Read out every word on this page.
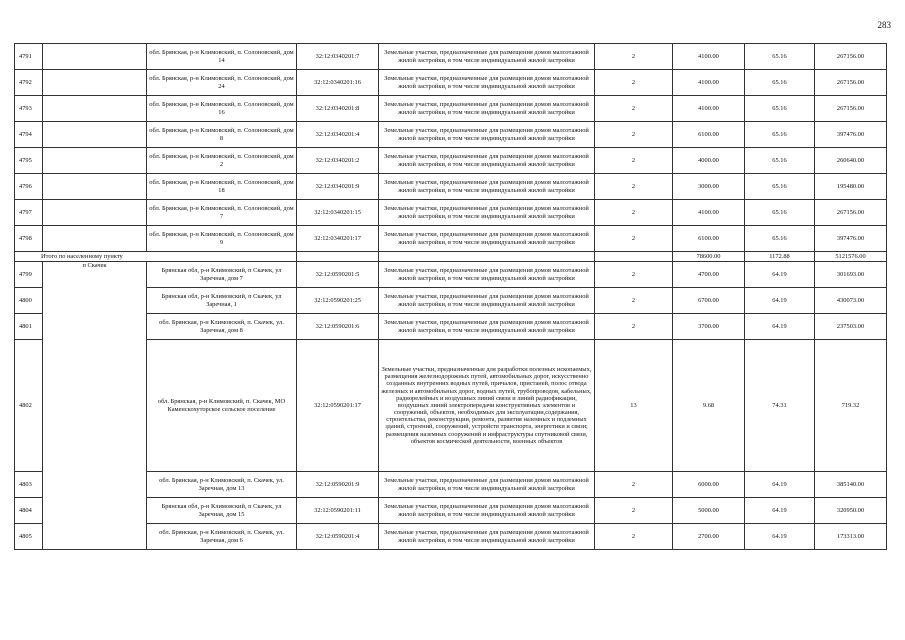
283
4791		обл. Брянская, р-н Климовский, п. Солоновский, дом 14	32:12:0340201:7	Земельные участки, предназначенные для размещения домов малоэтажной жилой застройки, в том числе индивидуальной жилой застройки	2	4100.00	65.16	267156.00
4792		обл. Брянская, р-н Климовский, п. Солоновский, дом 24	32:12:0340201:16	Земельные участки, предназначенные для размещения домов малоэтажной жилой застройки, в том числе индивидуальной жилой застройки	2	4100.00	65.16	267156.00
4793		обл. Брянская, р-н Климовский, п. Солоновский, дом 16	32:12:0340201:8	Земельные участки, предназначенные для размещения домов малоэтажной жилой застройки, в том числе индивидуальной жилой застройки	2	4100.00	65.16	267156.00
4794		обл. Брянская, р-н Климовский, п. Солоновский, дом 8	32:12:0340201:4	Земельные участки, предназначенные для размещения домов малоэтажной жилой застройки, в том числе индивидуальной жилой застройки	2	6100.00	65.16	397476.00
4795		обл. Брянская, р-н Климовский, п. Солоновский, дом 2	32:12:0340201:2	Земельные участки, предназначенные для размещения домов малоэтажной жилой застройки, в том числе индивидуальной жилой застройки	2	4000.00	65.16	260640.00
4796		обл. Брянская, р-н Климовский, п. Солоновский, дом 18	32:12:0340201:9	Земельные участки, предназначенные для размещения домов малоэтажной жилой застройки, в том числе индивидуальной жилой застройки	2	3000.00	65.16	195480.00
4797		обл. Брянская, р-н Климовский, п. Солоновский, дом 7	32:12:0340201:15	Земельные участки, предназначенные для размещения домов малоэтажной жилой застройки, в том числе индивидуальной жилой застройки	2	4100.00	65.16	267156.00
4798		обл. Брянская, р-н Климовский, п. Солоновский, дом 9	32:12:0340201:17	Земельные участки, предназначенные для размещения домов малоэтажной жилой застройки, в том числе индивидуальной жилой застройки	2	6100.00	65.16	397476.00
Итого по населенному пункту						78600.00	1172.88	5121576.00
4799	п Скачек	Брянская обл, р-н Климовский, п Скачек, ул Заречная, дом 7	32:12:0590201:5	Земельные участки, предназначенные для размещения домов малоэтажной жилой застройки, в том числе индивидуальной жилой застройки	2	4700.00	64.19	301693.00
4800		Брянская обл, р-н Климовский, п Скачек, ул Заречная, 1	32:12:0590201:25	Земельные участки, предназначенные для размещения домов малоэтажной жилой застройки, в том числе индивидуальной жилой застройки	2	6700.00	64.19	430073.00
4801		обл. Брянская, р-н Климовский, п. Скачек, ул. Заречная, дом 8	32:12:0590201:6	Земельные участки, предназначенные для размещения домов малоэтажной жилой застройки, в том числе индивидуальной жилой застройки	2	3700.00	64.19	237503.00
4802		обл. Брянская, р-н Климовский, п. Скачек, МО Каменскохуторское сельское поселение	32:12:0590201:17	Земельные участки, предназначенные для разработки полезных ископаемых, размещения железнодорожных путей, автомобильных дорог, искусственно созданных внутренних водных путей, причалов, пристаней, полос отвода железных и автомобильных дорог, водных путей, трубопроводов, кабельных, радиорелейных и воздушных линий связи и линий радиофикации, воздушных линий электропередачи конструктивных элементов и сооружений, объектов, необходимых для эксплуатации,содержания, строительства, реконструкции, ремонта, развития наземных и подземных зданий, строений, сооружений, устройств транспорта, энергетики и связи; размещения наземных сооружений и инфраструктуры спутниковой связи, объектов космической деятельности, военных объектов	13	9.68	74.31	719.32
4803		обл. Брянская, р-н Климовский, п. Скачек, ул. Заречная, дом 13	32:12:0590201:9	Земельные участки, предназначенные для размещения домов малоэтажной жилой застройки, в том числе индивидуальной жилой застройки	2	6000.00	64.19	385140.00
4804		Брянская обл, р-н Климовский, п Скачек, ул Заречная, дом 15	32:12:0590201:11	Земельные участки, предназначенные для размещения домов малоэтажной жилой застройки, в том числе индивидуальной жилой застройки	2	5000.00	64.19	320950.00
4805		обл. Брянская, р-н Климовский, п. Скачек, ул. Заречная, дом 6	32:12:0590201:4	Земельные участки, предназначенные для размещения домов малоэтажной жилой застройки, в том числе индивидуальной жилой застройки	2	2700.00	64.19	173313.00
